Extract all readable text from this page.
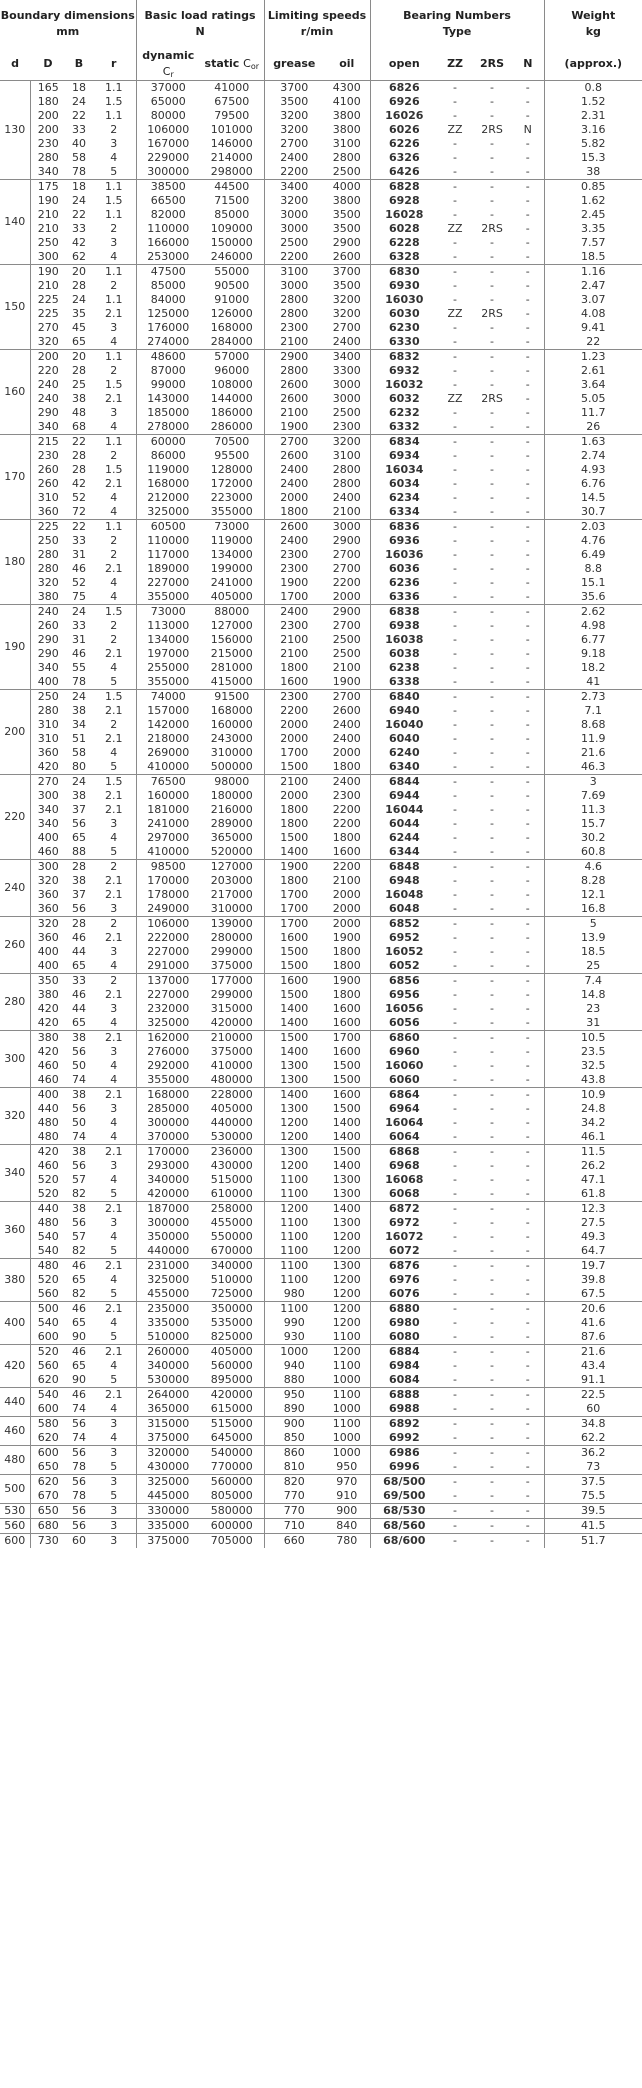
Boundary dimensions
mm				Basic load ratings
N		Limiting speeds
r/min		Bearing Numbers
Type				Weight
kg

d	D	B	r	dynamic $C_r$	static $C_{or}$	grease	oil	open	ZZ	2RS	N	(approx.)
130	165	18	1.1	37000	41000	3700	4300	6826	-	-	-	0.8
	180	24	1.5	65000	67500	3500	4100	6926	-	-	-	1.52
	200	22	1.1	80000	79500	3200	3800	16026	-	-	-	2.31
	200	33	2	106000	101000	3200	3800	6026	ZZ	2RS	N	3.16
	230	40	3	167000	146000	2700	3100	6226	-	-	-	5.82
	280	58	4	229000	214000	2400	2800	6326	-	-	-	15.3
	340	78	5	300000	298000	2200	2500	6426	-	-	-	38
140	175	18	1.1	38500	44500	3400	4000	6828	-	-	-	0.85
	190	24	1.5	66500	71500	3200	3800	6928	-	-	-	1.62
	210	22	1.1	82000	85000	3000	3500	16028	-	-	-	2.45
	210	33	2	110000	109000	3000	3500	6028	ZZ	2RS	-	3.35
	250	42	3	166000	150000	2500	2900	6228	-	-	-	7.57
	300	62	4	253000	246000	2200	2600	6328	-	-	-	18.5
150	190	20	1.1	47500	55000	3100	3700	6830	-	-	-	1.16
	210	28	2	85000	90500	3000	3500	6930	-	-	-	2.47
	225	24	1.1	84000	91000	2800	3200	16030	-	-	-	3.07
	225	35	2.1	125000	126000	2800	3200	6030	ZZ	2RS	-	4.08
	270	45	3	176000	168000	2300	2700	6230	-	-	-	9.41
	320	65	4	274000	284000	2100	2400	6330	-	-	-	22
160	200	20	1.1	48600	57000	2900	3400	6832	-	-	-	1.23
	220	28	2	87000	96000	2800	3300	6932	-	-	-	2.61
	240	25	1.5	99000	108000	2600	3000	16032	-	-	-	3.64
	240	38	2.1	143000	144000	2600	3000	6032	ZZ	2RS	-	5.05
	290	48	3	185000	186000	2100	2500	6232	-	-	-	11.7
	340	68	4	278000	286000	1900	2300	6332	-	-	-	26
170	215	22	1.1	60000	70500	2700	3200	6834	-	-	-	1.63
	230	28	2	86000	95500	2600	3100	6934	-	-	-	2.74
	260	28	1.5	119000	128000	2400	2800	16034	-	-	-	4.93
	260	42	2.1	168000	172000	2400	2800	6034	-	-	-	6.76
	310	52	4	212000	223000	2000	2400	6234	-	-	-	14.5
	360	72	4	325000	355000	1800	2100	6334	-	-	-	30.7
180	225	22	1.1	60500	73000	2600	3000	6836	-	-	-	2.03
	250	33	2	110000	119000	2400	2900	6936	-	-	-	4.76
	280	31	2	117000	134000	2300	2700	16036	-	-	-	6.49
	280	46	2.1	189000	199000	2300	2700	6036	-	-	-	8.8
	320	52	4	227000	241000	1900	2200	6236	-	-	-	15.1
	380	75	4	355000	405000	1700	2000	6336	-	-	-	35.6
190	240	24	1.5	73000	88000	2400	2900	6838	-	-	-	2.62
	260	33	2	113000	127000	2300	2700	6938	-	-	-	4.98
	290	31	2	134000	156000	2100	2500	16038	-	-	-	6.77
	290	46	2.1	197000	215000	2100	2500	6038	-	-	-	9.18
	340	55	4	255000	281000	1800	2100	6238	-	-	-	18.2
	400	78	5	355000	415000	1600	1900	6338	-	-	-	41
200	250	24	1.5	74000	91500	2300	2700	6840	-	-	-	2.73
	280	38	2.1	157000	168000	2200	2600	6940	-	-	-	7.1
	310	34	2	142000	160000	2000	2400	16040	-	-	-	8.68
	310	51	2.1	218000	243000	2000	2400	6040	-	-	-	11.9
	360	58	4	269000	310000	1700	2000	6240	-	-	-	21.6
	420	80	5	410000	500000	1500	1800	6340	-	-	-	46.3
220	270	24	1.5	76500	98000	2100	2400	6844	-	-	-	3
	300	38	2.1	160000	180000	2000	2300	6944	-	-	-	7.69
	340	37	2.1	181000	216000	1800	2200	16044	-	-	-	11.3
	340	56	3	241000	289000	1800	2200	6044	-	-	-	15.7
	400	65	4	297000	365000	1500	1800	6244	-	-	-	30.2
	460	88	5	410000	520000	1400	1600	6344	-	-	-	60.8
240	300	28	2	98500	127000	1900	2200	6848	-	-	-	4.6
	320	38	2.1	170000	203000	1800	2100	6948	-	-	-	8.28
	360	37	2.1	178000	217000	1700	2000	16048	-	-	-	12.1
	360	56	3	249000	310000	1700	2000	6048	-	-	-	16.8
260	320	28	2	106000	139000	1700	2000	6852	-	-	-	5
	360	46	2.1	222000	280000	1600	1900	6952	-	-	-	13.9
	400	44	3	227000	299000	1500	1800	16052	-	-	-	18.5
	400	65	4	291000	375000	1500	1800	6052	-	-	-	25
280	350	33	2	137000	177000	1600	1900	6856	-	-	-	7.4
	380	46	2.1	227000	299000	1500	1800	6956	-	-	-	14.8
	420	44	3	232000	315000	1400	1600	16056	-	-	-	23
	420	65	4	325000	420000	1400	1600	6056	-	-	-	31
300	380	38	2.1	162000	210000	1500	1700	6860	-	-	-	10.5
	420	56	3	276000	375000	1400	1600	6960	-	-	-	23.5
	460	50	4	292000	410000	1300	1500	16060	-	-	-	32.5
	460	74	4	355000	480000	1300	1500	6060	-	-	-	43.8
320	400	38	2.1	168000	228000	1400	1600	6864	-	-	-	10.9
	440	56	3	285000	405000	1300	1500	6964	-	-	-	24.8
	480	50	4	300000	440000	1200	1400	16064	-	-	-	34.2
	480	74	4	370000	530000	1200	1400	6064	-	-	-	46.1
340	420	38	2.1	170000	236000	1300	1500	6868	-	-	-	11.5
	460	56	3	293000	430000	1200	1400	6968	-	-	-	26.2
	520	57	4	340000	515000	1100	1300	16068	-	-	-	47.1
	520	82	5	420000	610000	1100	1300	6068	-	-	-	61.8
360	440	38	2.1	187000	258000	1200	1400	6872	-	-	-	12.3
	480	56	3	300000	455000	1100	1300	6972	-	-	-	27.5
	540	57	4	350000	550000	1100	1200	16072	-	-	-	49.3
	540	82	5	440000	670000	1100	1200	6072	-	-	-	64.7
380	480	46	2.1	231000	340000	1100	1300	6876	-	-	-	19.7
	520	65	4	325000	510000	1100	1200	6976	-	-	-	39.8
	560	82	5	455000	725000	980	1200	6076	-	-	-	67.5
400	500	46	2.1	235000	350000	1100	1200	6880	-	-	-	20.6
	540	65	4	335000	535000	990	1200	6980	-	-	-	41.6
	600	90	5	510000	825000	930	1100	6080	-	-	-	87.6
420	520	46	2.1	260000	405000	1000	1200	6884	-	-	-	21.6
	560	65	4	340000	560000	940	1100	6984	-	-	-	43.4
	620	90	5	530000	895000	880	1000	6084	-	-	-	91.1
440	540	46	2.1	264000	420000	950	1100	6888	-	-	-	22.5
	600	74	4	365000	615000	890	1000	6988	-	-	-	60
460	580	56	3	315000	515000	900	1100	6892	-	-	-	34.8
	620	74	4	375000	645000	850	1000	6992	-	-	-	62.2
480	600	56	3	320000	540000	860	1000	6986	-	-	-	36.2
	650	78	5	430000	770000	810	950	6996	-	-	-	73
500	620	56	3	325000	560000	820	970	68/500	-	-	-	37.5
	670	78	5	445000	805000	770	910	69/500	-	-	-	75.5
530	650	56	3	330000	580000	770	900	68/530	-	-	-	39.5
560	680	56	3	335000	600000	710	840	68/560	-	-	-	41.5
600	730	60	3	375000	705000	660	780	68/600	-	-	-	51.7
